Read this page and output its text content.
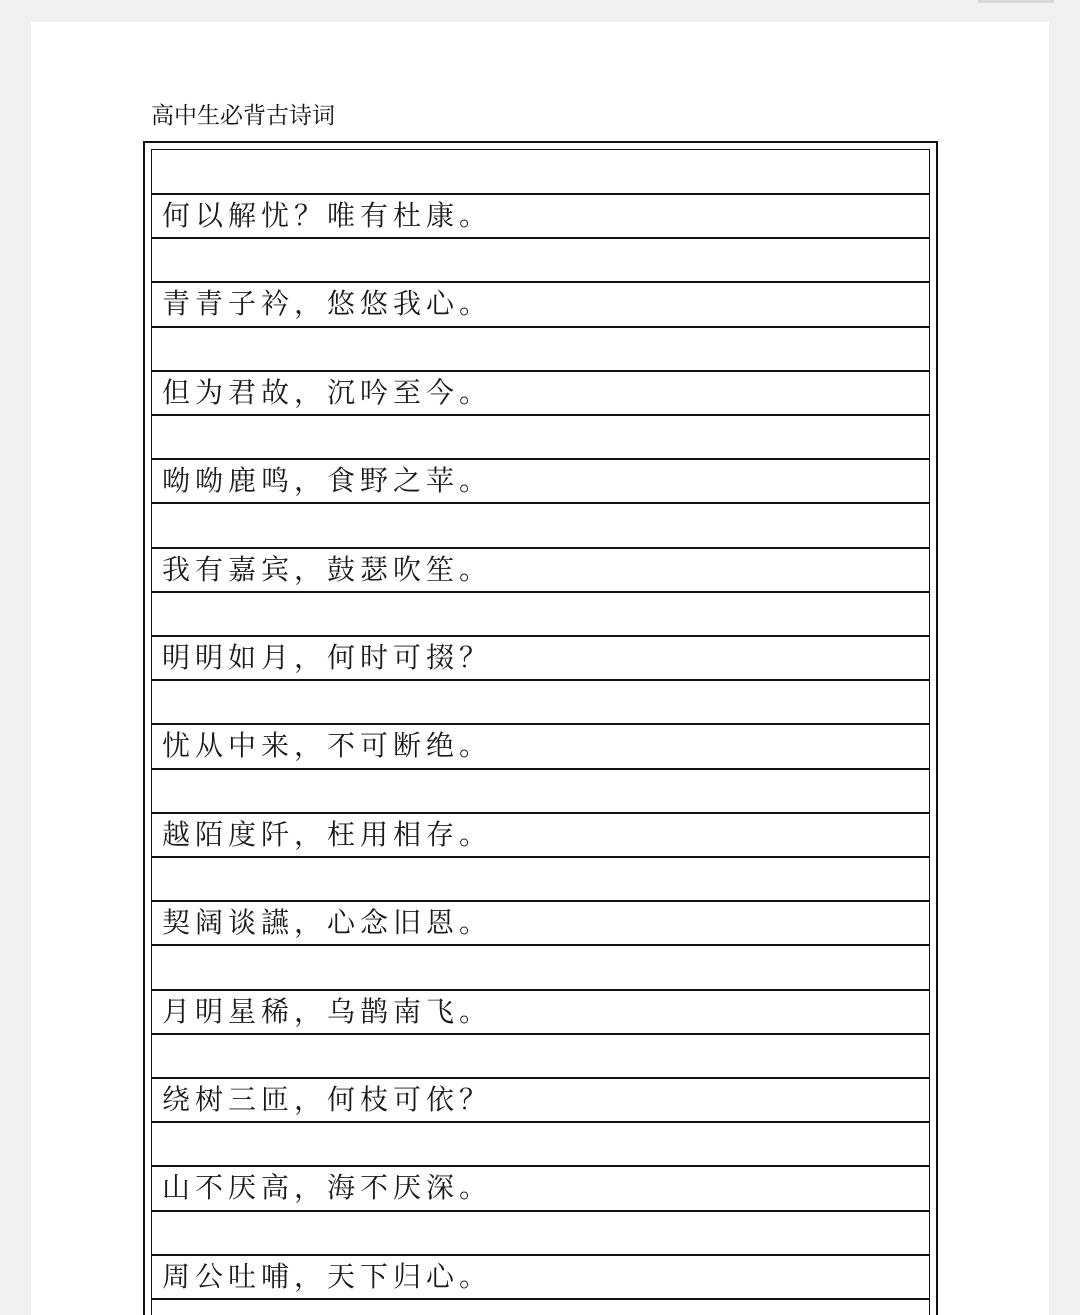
高中生必背古诗词
何以解忧？唯有杜康。
青青子衿，悠悠我心。
但为君故，沉吟至今。
呦呦鹿鸣，食野之苹。
我有嘉宾，鼓瑟吹笙。
明明如月，何时可掇？
忧从中来，不可断绝。
越陌度阡，枉用相存。
契阔谈讌，心念旧恩。
月明星稀，乌鹊南飞。
绕树三匝，何枝可依？
山不厌高，海不厌深。
周公吐哺，天下归心。
